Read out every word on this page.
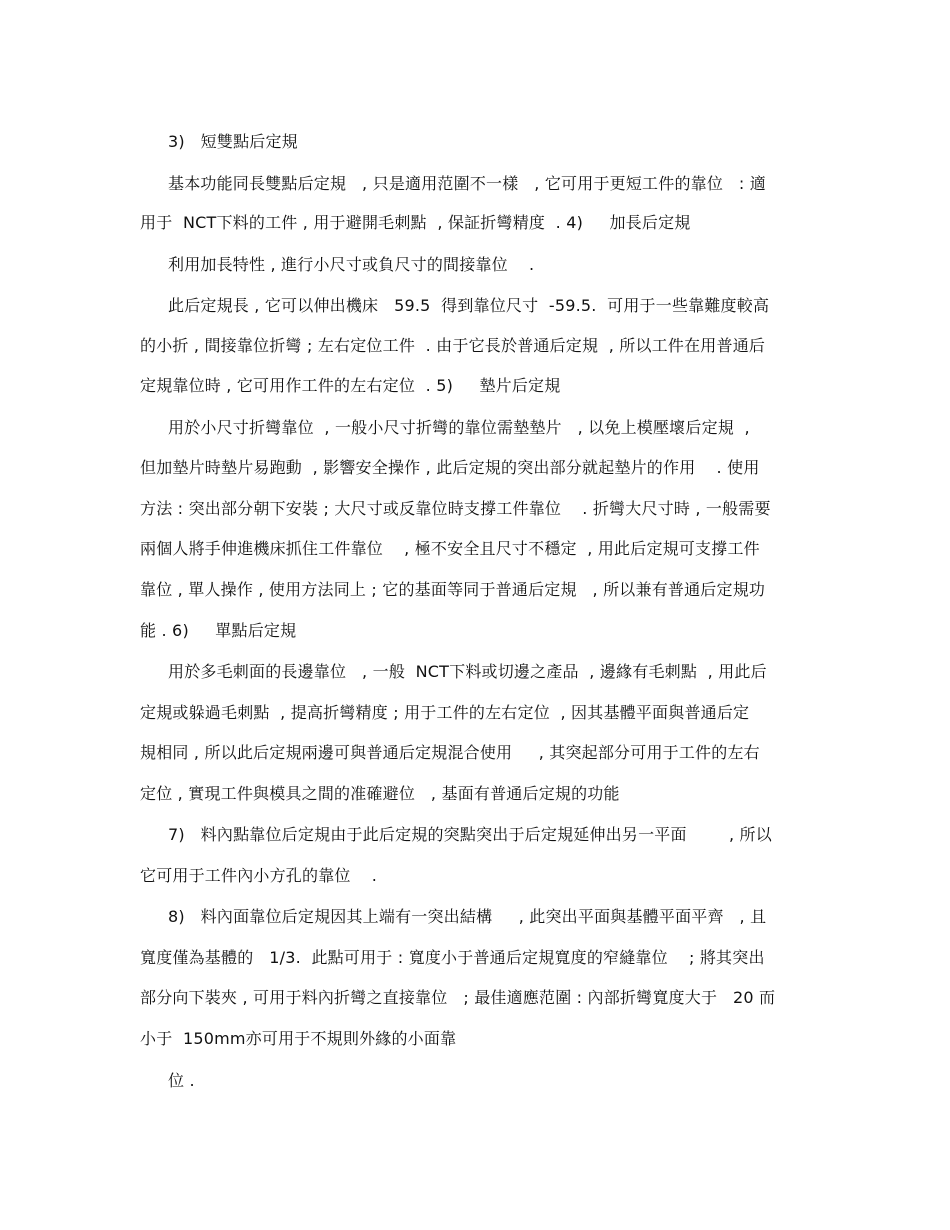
3)   短雙點后定規
基本功能同長雙點后定規   , 只是適用范圍不一樣   , 它可用于更短工件的靠位   : 適
用于  NCT下料的工件 , 用于避開毛刺點  , 保証折彎精度  . 4)     加長后定規
利用加長特性 , 進行小尺寸或負尺寸的間接靠位    .
此后定規長 , 它可以伸出機床   59.5  得到靠位尺寸  -59.5.  可用于一些靠難度較高
的小折 , 間接靠位折彎 ; 左右定位工件  . 由于它長於普通后定規  , 所以工件在用普通后
定規靠位時 , 它可用作工件的左右定位  . 5)     墊片后定規
用於小尺寸折彎靠位  , 一般小尺寸折彎的靠位需墊墊片   , 以免上模壓壞后定規  ,
但加墊片時墊片易跑動  , 影響安全操作 , 此后定規的突出部分就起墊片的作用    . 使用
方法 : 突出部分朝下安裝 ; 大尺寸或反靠位時支撐工件靠位    . 折彎大尺寸時 , 一般需要
兩個人將手伸進機床抓住工件靠位    , 極不安全且尺寸不穩定  , 用此后定規可支撐工件
靠位 , 單人操作 , 使用方法同上 ; 它的基面等同于普通后定規   , 所以兼有普通后定規功
能 . 6)     單點后定規
用於多毛刺面的長邊靠位   , 一般  NCT下料或切邊之產品  , 邊緣有毛刺點  , 用此后
定規或躲過毛刺點  , 提高折彎精度 ; 用于工件的左右定位  , 因其基體平面與普通后定
規相同 , 所以此后定規兩邊可與普通后定規混合使用     , 其突起部分可用于工件的左右
定位 , 實現工件與模具之間的准確避位   , 基面有普通后定規的功能
7)   料內點靠位后定規由于此后定規的突點突出于后定規延伸出另一平面        , 所以
它可用于工件內小方孔的靠位    .
8)   料內面靠位后定規因其上端有一突出結構     , 此突出平面與基體平面平齊   , 且
寬度僅為基體的   1/3.  此點可用于 : 寬度小于普通后定規寬度的窄縫靠位    ; 將其突出
部分向下裝夾 , 可用于料內折彎之直接靠位   ; 最佳適應范圍 : 內部折彎寬度大于   20 而
小于  150mm亦可用于不規則外緣的小面靠
位 .
